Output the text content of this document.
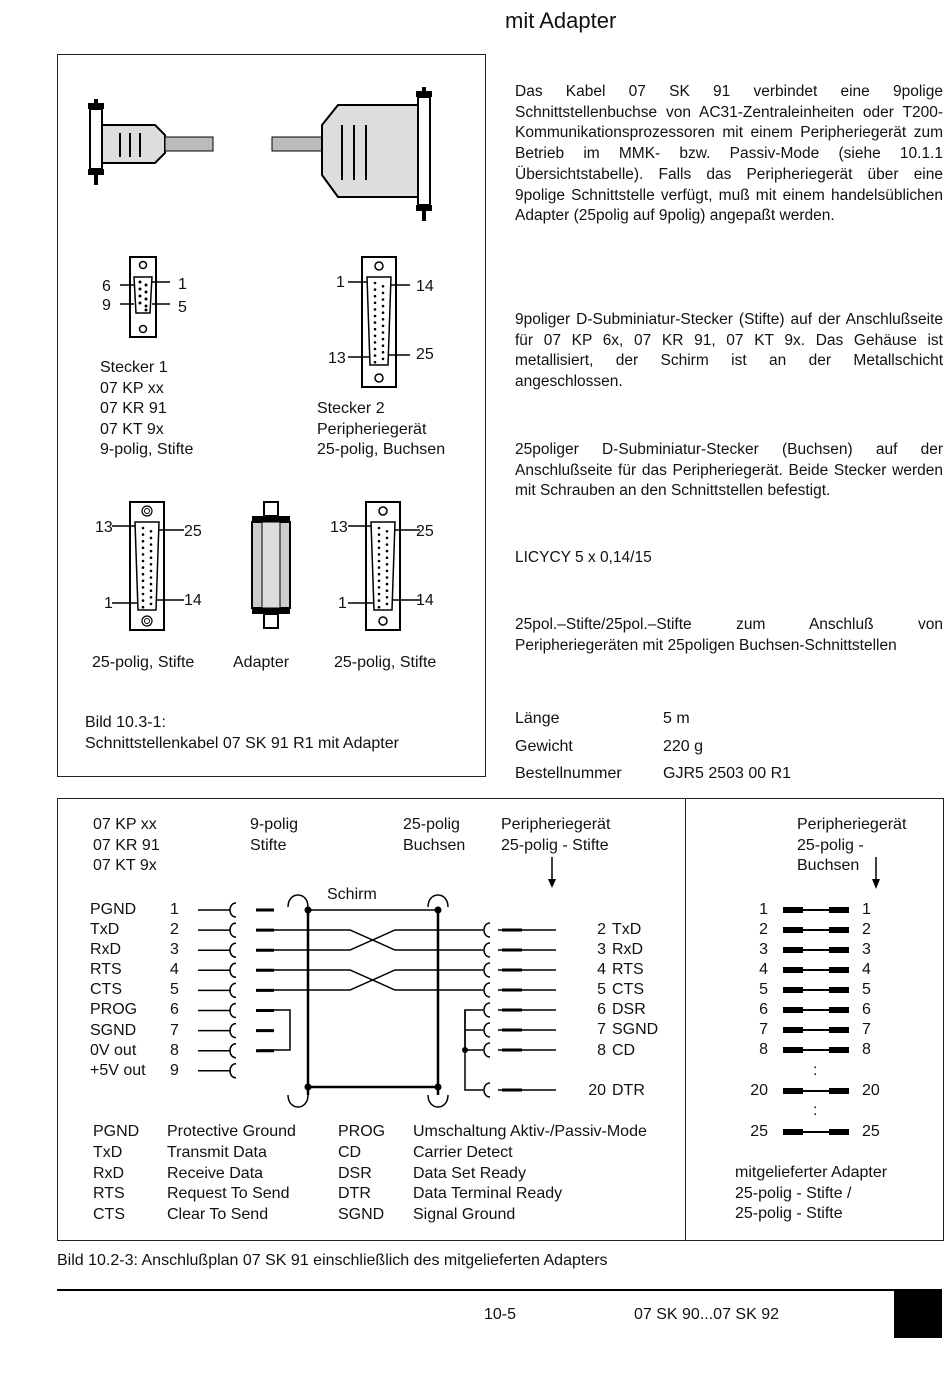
mit Adapter
6
9
1
5
Stecker 1
07 KP xx
07 KR 91
07 KT 9x
9-polig, Stifte
1
13
14
25
Stecker 2
Peripheriegerät
25-polig, Buchsen
13
1
25
14
13
1
25
14
25-polig, Stifte Adapter	25-polig, Stifte
Bild 10.3-1:
Schnittstellenkabel 07 SK 91 R1 mit Adapter
Das Kabel 07 SK 91 verbindet eine 9polige Schnittstellenbuchse von AC31-Zentraleinheiten oder T200-Kommunikationsprozessoren mit einem Peripheriegerät zum Betrieb im MMK- bzw. Passiv-Mode (siehe 10.1.1 Übersichtstabelle). Falls das Peripheriegerät über eine 9polige Schnittstelle verfügt, muß mit einem handelsüblichen Adapter (25polig auf 9polig) angepaßt werden.
9poliger D-Subminiatur-Stecker (Stifte) auf der Anschlußseite für 07 KP 6x, 07 KR 91, 07 KT 9x. Das Gehäuse ist metallisiert, der Schirm ist an der Metallschicht angeschlossen.
25poliger D-Subminiatur-Stecker (Buchsen) auf der Anschlußseite für das Peripheriegerät. Beide Stecker werden mit Schrauben an den Schnittstellen befestigt.
LICYCY 5 x 0,14/15
25pol.–Stifte/25pol.–Stifte zum Anschluß von Peripheriegeräten mit 25poligen Buchsen-Schnittstellen
Länge	5 m
Gewicht	220 g
Bestellnummer	GJR5 2503 00 R1
07 KP xx
07 KR 91
07 KT 9x
9-polig
Stifte
25-polig
Buchsen
Peripheriegerät
25-polig - Stifte
Schirm
PGND 1
TxD	2
RxD	3
RTS	4
CTS	5
PROG 6
SGND 7
0V out 8
+5V out 9
2 TxD
3 RxD
4 RTS
5 CTS
6 DSR
7 SGND
8 CD
20 DTR
PGND Protective Ground
TxD	Transmit Data
RxD	Receive Data
RTS	Request To Send
CTS	Clear To Send
PROG Umschaltung Aktiv-/Passiv-Mode
CD	Carrier Detect
DSR	Data Set Ready
DTR	Data Terminal Ready
SGND Signal Ground
Peripheriegerät
25-polig -
Buchsen
1	1
2	2
3	3
4	4
5	5
6	6
7	7
8	8
20	20
25	25
:
:
mitgelieferter Adapter
25-polig - Stifte /
25-polig - Stifte
Bild 10.2-3: Anschlußplan 07 SK 91 einschließlich des mitgelieferten Adapters
10-5	07 SK 90...07 SK 92
